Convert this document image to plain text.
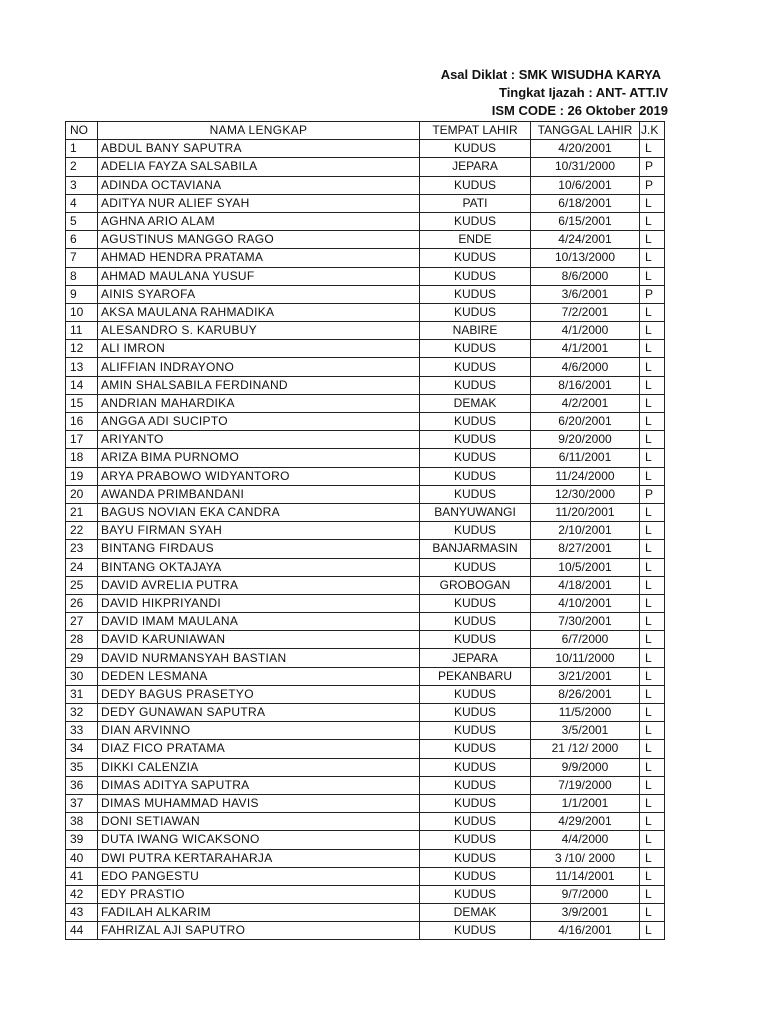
Asal Diklat : SMK WISUDHA KARYA
Tingkat Ijazah : ANT- ATT.IV
ISM CODE : 26 Oktober 2019
NO	NAMA LENGKAP	TEMPAT LAHIR	TANGGAL LAHIR	J.K
1	ABDUL BANY SAPUTRA	KUDUS	4/20/2001	L
2	ADELIA FAYZA SALSABILA	JEPARA	10/31/2000	P
3	ADINDA OCTAVIANA	KUDUS	10/6/2001	P
4	ADITYA NUR ALIEF SYAH	PATI	6/18/2001	L
5	AGHNA ARIO ALAM	KUDUS	6/15/2001	L
6	AGUSTINUS MANGGO RAGO	ENDE	4/24/2001	L
7	AHMAD HENDRA PRATAMA	KUDUS	10/13/2000	L
8	AHMAD MAULANA YUSUF	KUDUS	8/6/2000	L
9	AINIS SYAROFA	KUDUS	3/6/2001	P
10	AKSA MAULANA RAHMADIKA	KUDUS	7/2/2001	L
11	ALESANDRO S. KARUBUY	NABIRE	4/1/2000	L
12	ALI IMRON	KUDUS	4/1/2001	L
13	ALIFFIAN INDRAYONO	KUDUS	4/6/2000	L
14	AMIN SHALSABILA FERDINAND	KUDUS	8/16/2001	L
15	ANDRIAN MAHARDIKA	DEMAK	4/2/2001	L
16	ANGGA ADI SUCIPTO	KUDUS	6/20/2001	L
17	ARIYANTO	KUDUS	9/20/2000	L
18	ARIZA BIMA PURNOMO	KUDUS	6/11/2001	L
19	ARYA PRABOWO WIDYANTORO	KUDUS	11/24/2000	L
20	AWANDA PRIMBANDANI	KUDUS	12/30/2000	P
21	BAGUS NOVIAN EKA CANDRA	BANYUWANGI	11/20/2001	L
22	BAYU FIRMAN SYAH	KUDUS	2/10/2001	L
23	BINTANG FIRDAUS	BANJARMASIN	8/27/2001	L
24	BINTANG OKTAJAYA	KUDUS	10/5/2001	L
25	DAVID AVRELIA PUTRA	GROBOGAN	4/18/2001	L
26	DAVID HIKPRIYANDI	KUDUS	4/10/2001	L
27	DAVID IMAM MAULANA	KUDUS	7/30/2001	L
28	DAVID KARUNIAWAN	KUDUS	6/7/2000	L
29	DAVID NURMANSYAH BASTIAN	JEPARA	10/11/2000	L
30	DEDEN LESMANA	PEKANBARU	3/21/2001	L
31	DEDY BAGUS PRASETYO	KUDUS	8/26/2001	L
32	DEDY GUNAWAN SAPUTRA	KUDUS	11/5/2000	L
33	DIAN ARVINNO	KUDUS	3/5/2001	L
34	DIAZ FICO PRATAMA	KUDUS	21 /12/ 2000	L
35	DIKKI CALENZIA	KUDUS	9/9/2000	L
36	DIMAS ADITYA SAPUTRA	KUDUS	7/19/2000	L
37	DIMAS MUHAMMAD HAVIS	KUDUS	1/1/2001	L
38	DONI SETIAWAN	KUDUS	4/29/2001	L
39	DUTA IWANG WICAKSONO	KUDUS	4/4/2000	L
40	DWI PUTRA KERTARAHARJA	KUDUS	3 /10/ 2000	L
41	EDO PANGESTU	KUDUS	11/14/2001	L
42	EDY PRASTIO	KUDUS	9/7/2000	L
43	FADILAH ALKARIM	DEMAK	3/9/2001	L
44	FAHRIZAL AJI SAPUTRO	KUDUS	4/16/2001	L
